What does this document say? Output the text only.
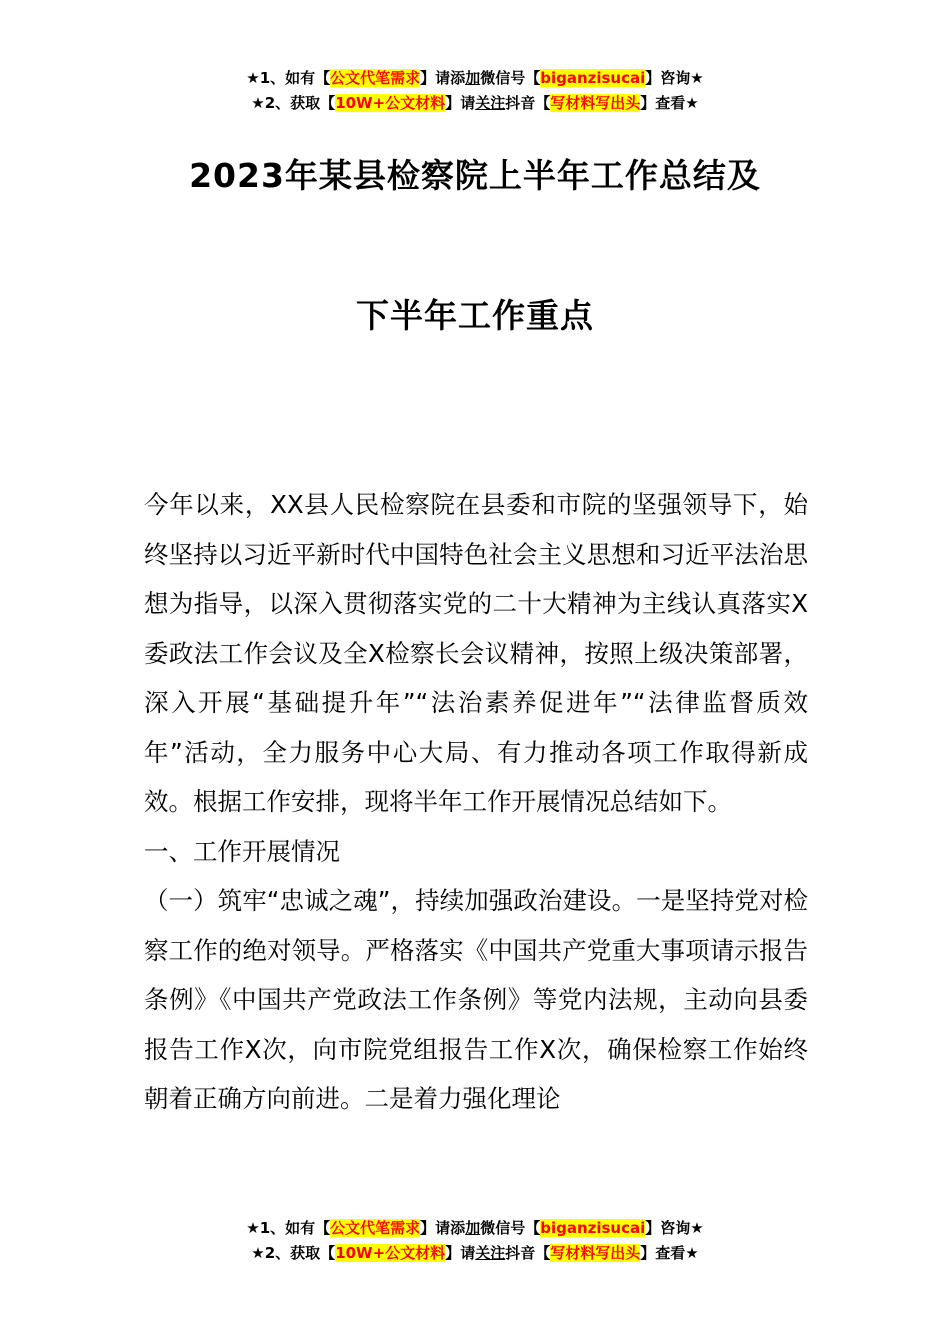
★1、如有【公文代笔需求】请添加微信号【biganzisucai】咨询★
★2、获取【10W+公文材料】请关注抖音【写材料写出头】查看★
2023年某县检察院上半年工作总结及
下半年工作重点

今年以来，XX县人民检察院在县委和市院的坚强领导下，始终坚持以习近平新时代中国特色社会主义思想和习近平法治思想为指导，以深入贯彻落实党的二十大精神为主线认真落实X委政法工作会议及全X检察长会议精神，按照上级决策部署，深入开展“基础提升年”“法治素养促进年”“法律监督质效年”活动，全力服务中心大局、有力推动各项工作取得新成效。根据工作安排，现将半年工作开展情况总结如下。

一、工作开展情况

（一）筑牢“忠诚之魂”，持续加强政治建设。一是坚持党对检察工作的绝对领导。严格落实《中国共产党重大事项请示报告条例》《中国共产党政法工作条例》等党内法规，主动向县委报告工作X次，向市院党组报告工作X次，确保检察工作始终朝着正确方向前进。二是着力强化理论

★1、如有【公文代笔需求】请添加微信号【biganzisucai】咨询★
★2、获取【10W+公文材料】请关注抖音【写材料写出头】查看★
